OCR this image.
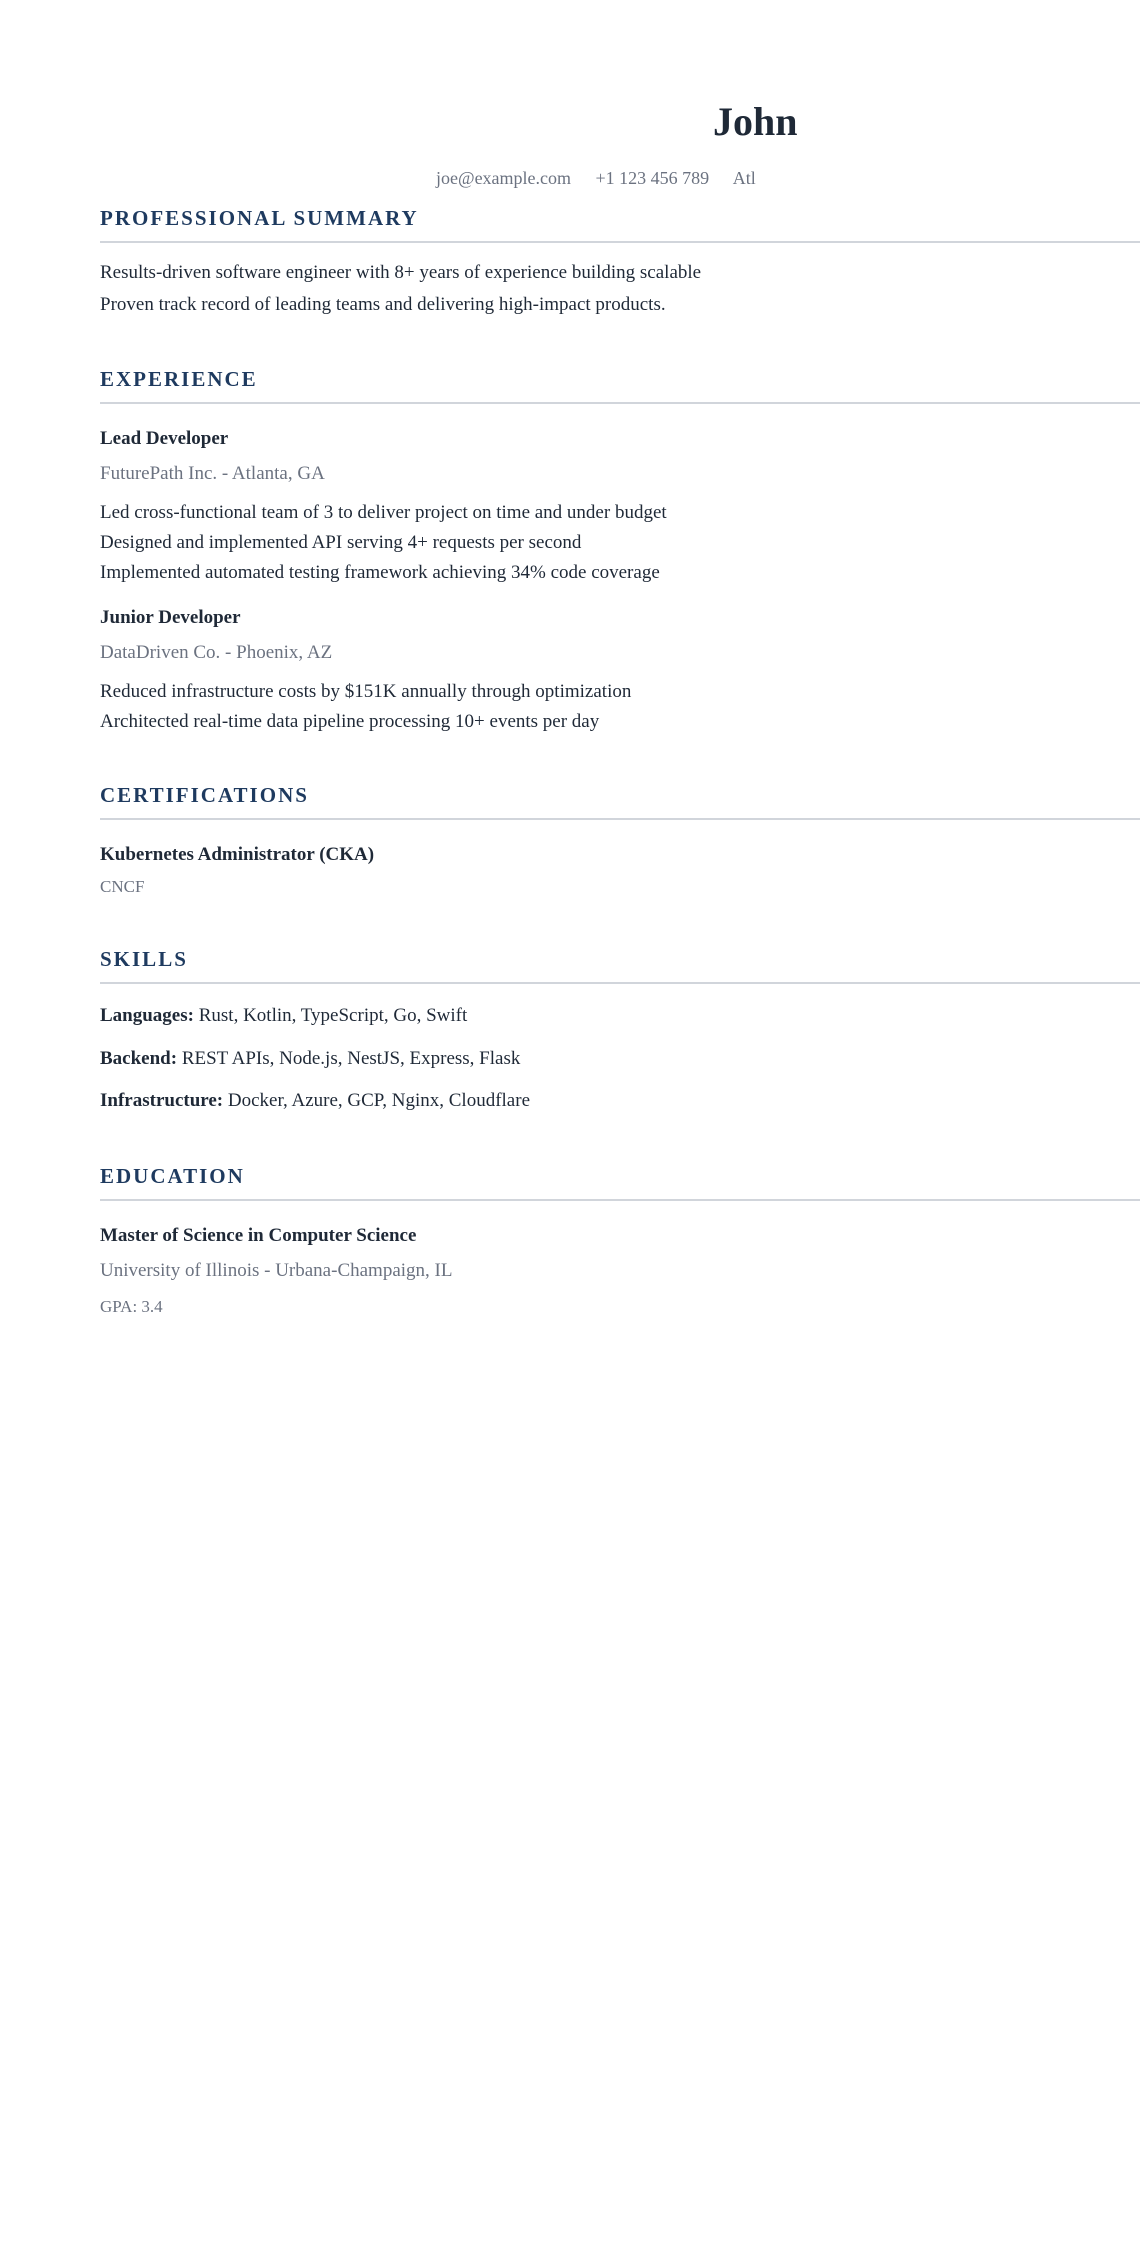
John
joe@example.com +1 123 456 789 Atl
PROFESSIONAL SUMMARY
Results-driven software engineer with 8+ years of experience building scalable
Proven track record of leading teams and delivering high-impact products.
EXPERIENCE
Lead Developer
FuturePath Inc. - Atlanta, GA
Led cross-functional team of 3 to deliver project on time and under budget
Designed and implemented API serving 4+ requests per second
Implemented automated testing framework achieving 34% code coverage
Junior Developer
DataDriven Co. - Phoenix, AZ
Reduced infrastructure costs by $151K annually through optimization
Architected real-time data pipeline processing 10+ events per day
CERTIFICATIONS
Kubernetes Administrator (CKA)
CNCF
SKILLS
Languages: Rust, Kotlin, TypeScript, Go, Swift
Backend: REST APIs, Node.js, NestJS, Express, Flask
Infrastructure: Docker, Azure, GCP, Nginx, Cloudflare
EDUCATION
Master of Science in Computer Science
University of Illinois - Urbana-Champaign, IL
GPA: 3.4
